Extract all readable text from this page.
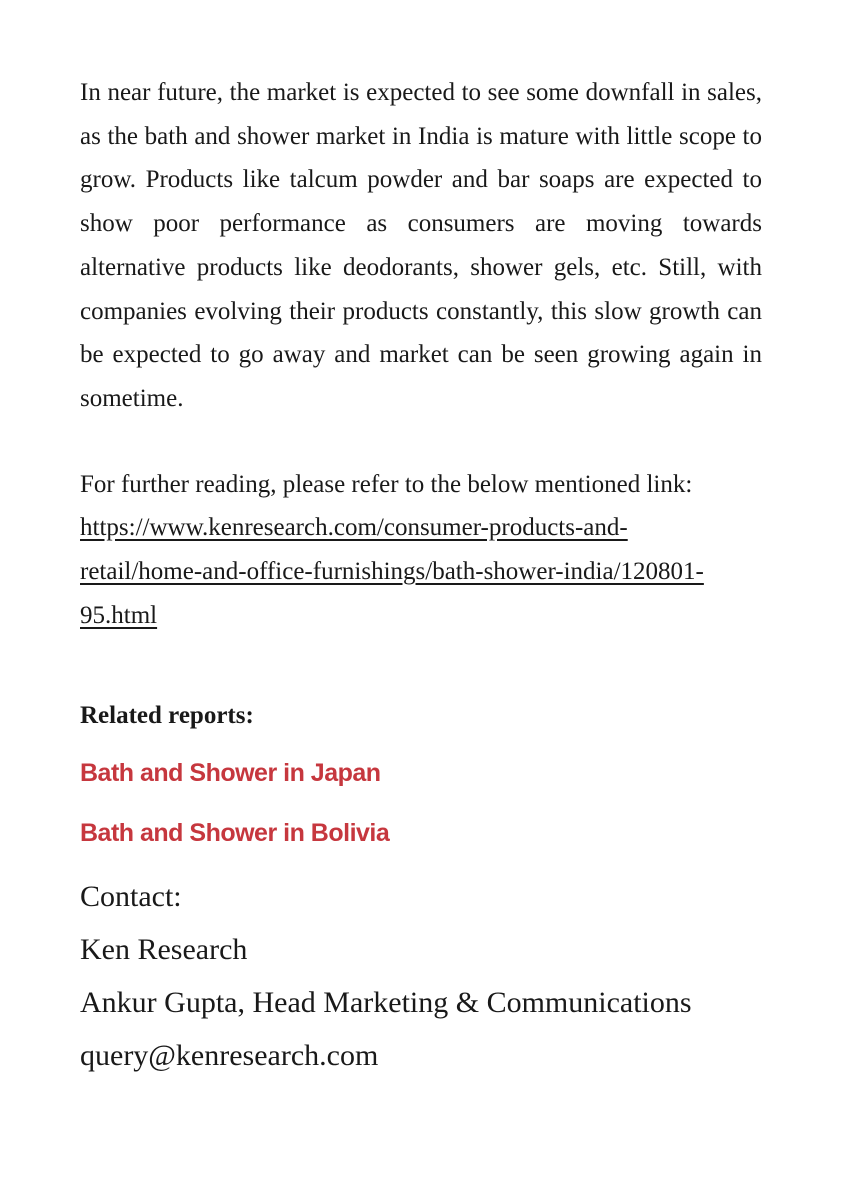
In near future, the market is expected to see some downfall in sales, as the bath and shower market in India is mature with little scope to grow. Products like talcum powder and bar soaps are expected to show poor performance as consumers are moving towards alternative products like deodorants, shower gels, etc. Still, with companies evolving their products constantly, this slow growth can be expected to go away and market can be seen growing again in sometime.

For further reading, please refer to the below mentioned link:
https://www.kenresearch.com/consumer-products-and-
retail/home-and-office-furnishings/bath-shower-india/120801-
95.html
Related reports:
Bath and Shower in Japan
Bath and Shower in Bolivia

Contact:

Ken Research

Ankur Gupta, Head Marketing & Communications

query@kenresearch.com
